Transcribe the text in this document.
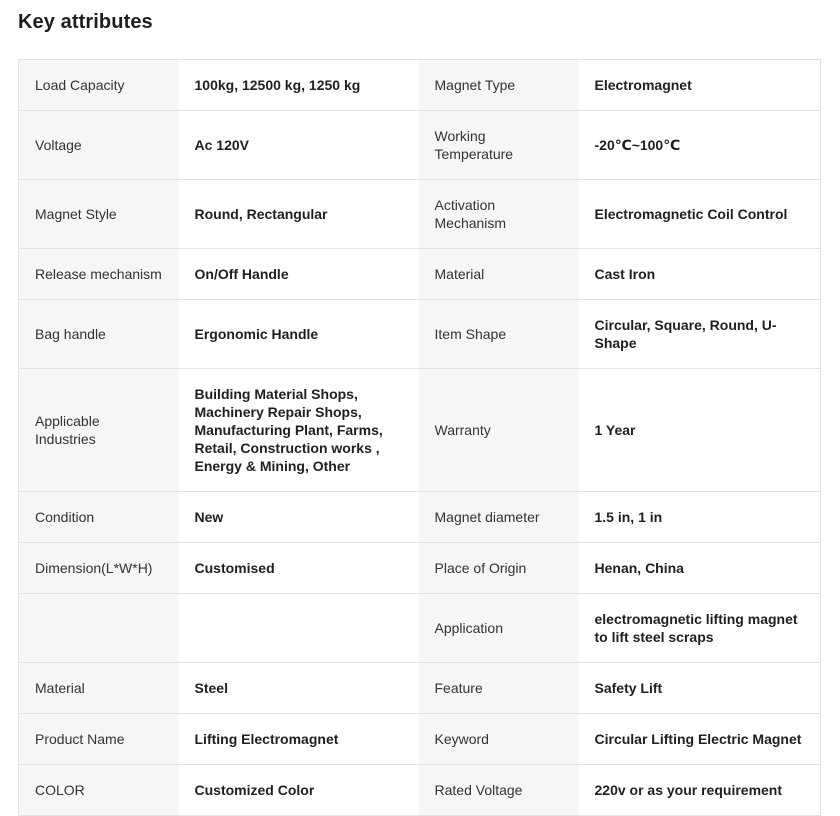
Key attributes
Load Capacity	100kg, 12500 kg, 1250 kg	Magnet Type	Electromagnet
Voltage	Ac 120V	Working Temperature	-20℃~100℃
Magnet Style	Round, Rectangular	Activation Mechanism	Electromagnetic Coil Control
Release mechanism	On/Off Handle	Material	Cast Iron
Bag handle	Ergonomic Handle	Item Shape	Circular, Square, Round, U-Shape
Applicable Industries	Building Material Shops, Machinery Repair Shops, Manufacturing Plant, Farms, Retail, Construction works , Energy & Mining, Other	Warranty	1 Year
Condition	New	Magnet diameter	1.5 in, 1 in
Dimension(L*W*H)	Customised	Place of Origin	Henan, China
		Application	electromagnetic lifting magnet to lift steel scraps
Material	Steel	Feature	Safety Lift
Product Name	Lifting Electromagnet	Keyword	Circular Lifting Electric Magnet
COLOR	Customized Color	Rated Voltage	220v or as your requirement
